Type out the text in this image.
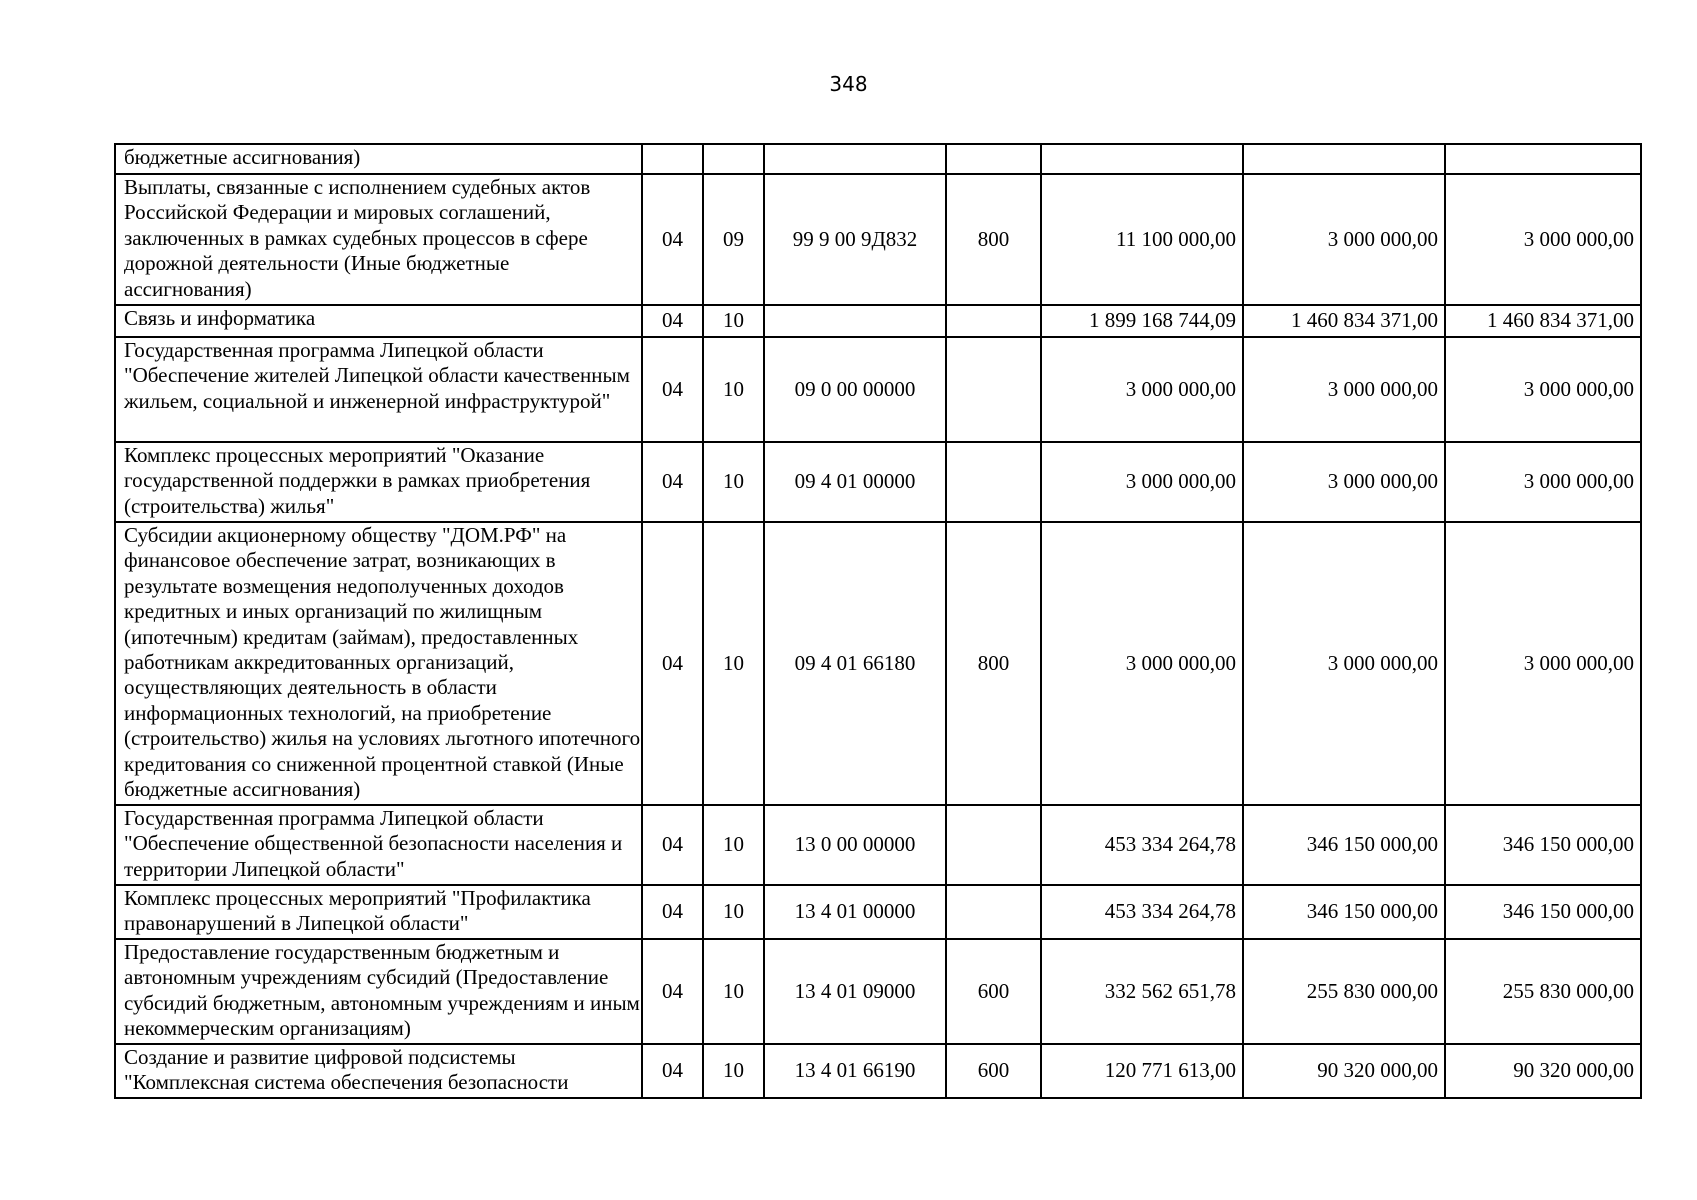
348
бюджетные ассигнования)							
Выплаты, связанные с исполнением судебных актов Российской Федерации и мировых соглашений, заключенных в рамках судебных процессов в сфере дорожной деятельности (Иные бюджетные ассигнования)	04	09	99 9 00 9Д832	800	11 100 000,00	3 000 000,00	3 000 000,00
Связь и информатика	04	10			1 899 168 744,09	1 460 834 371,00	1 460 834 371,00
Государственная программа Липецкой области "Обеспечение жителей Липецкой области качественным жильем, социальной и инженерной инфраструктурой"	04	10	09 0 00 00000		3 000 000,00	3 000 000,00	3 000 000,00
Комплекс процессных мероприятий "Оказание государственной поддержки в рамках приобретения (строительства) жилья"	04	10	09 4 01 00000		3 000 000,00	3 000 000,00	3 000 000,00
Субсидии акционерному обществу "ДОМ.РФ" на финансовое обеспечение затрат, возникающих в результате возмещения недополученных доходов кредитных и иных организаций по жилищным (ипотечным) кредитам (займам), предоставленных работникам аккредитованных организаций, осуществляющих деятельность в области информационных технологий, на приобретение (строительство) жилья на условиях льготного ипотечного кредитования со сниженной процентной ставкой (Иные бюджетные ассигнования)	04	10	09 4 01 66180	800	3 000 000,00	3 000 000,00	3 000 000,00
Государственная программа Липецкой области "Обеспечение общественной безопасности населения и территории Липецкой области"	04	10	13 0 00 00000		453 334 264,78	346 150 000,00	346 150 000,00
Комплекс процессных мероприятий "Профилактика правонарушений в Липецкой области"	04	10	13 4 01 00000		453 334 264,78	346 150 000,00	346 150 000,00
Предоставление государственным бюджетным и автономным учреждениям субсидий (Предоставление субсидий бюджетным, автономным учреждениям и иным некоммерческим организациям)	04	10	13 4 01 09000	600	332 562 651,78	255 830 000,00	255 830 000,00
Создание и развитие цифровой подсистемы "Комплексная система обеспечения безопасности	04	10	13 4 01 66190	600	120 771 613,00	90 320 000,00	90 320 000,00
